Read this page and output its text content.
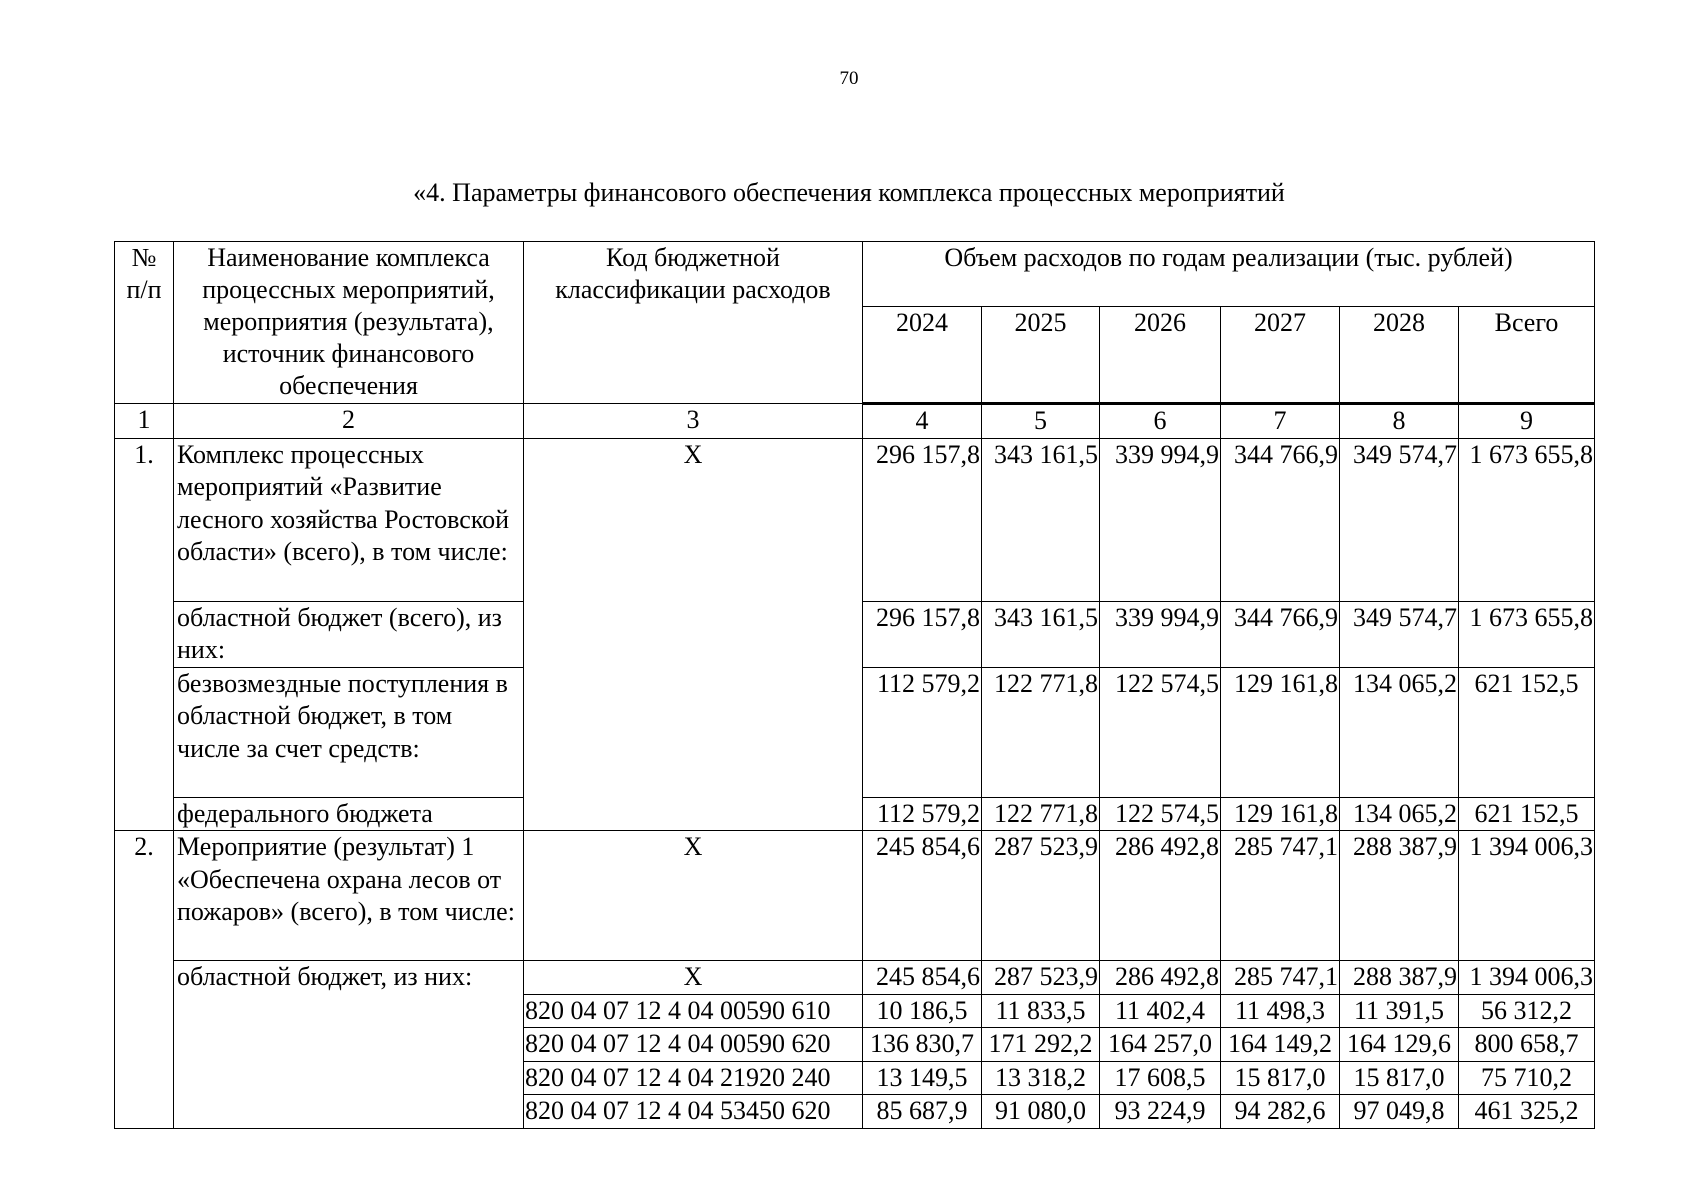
70
«4. Параметры финансового обеспечения комплекса процессных мероприятий
№ п/п	Наименование комплекса процессных мероприятий, мероприятия (результата), источник финансового обеспечения	Код бюджетной классификации расходов	Объем расходов по годам реализации (тыс. рублей)					
			2024	2025	2026	2027	2028	Всего
1	2	3	4	5	6	7	8	9
1.	Комплекс процессных мероприятий «Развитие лесного хозяйства Ростовской области» (всего), в том числе:	Х	296 157,8	343 161,5	339 994,9	344 766,9	349 574,7	1 673 655,8
	областной бюджет (всего), из них:		296 157,8	343 161,5	339 994,9	344 766,9	349 574,7	1 673 655,8
	безвозмездные поступления в областной бюджет, в том числе за счет средств:		112 579,2	122 771,8	122 574,5	129 161,8	134 065,2	621 152,5
	федерального бюджета		112 579,2	122 771,8	122 574,5	129 161,8	134 065,2	621 152,5
2.	Мероприятие (результат) 1 «Обеспечена охрана лесов от пожаров» (всего), в том числе:	Х	245 854,6	287 523,9	286 492,8	285 747,1	288 387,9	1 394 006,3
	областной бюджет, из них:	Х	245 854,6	287 523,9	286 492,8	285 747,1	288 387,9	1 394 006,3
		820 04 07 12 4 04 00590 610	10 186,5	11 833,5	11 402,4	11 498,3	11 391,5	56 312,2
		820 04 07 12 4 04 00590 620	136 830,7	171 292,2	164 257,0	164 149,2	164 129,6	800 658,7
		820 04 07 12 4 04 21920 240	13 149,5	13 318,2	17 608,5	15 817,0	15 817,0	75 710,2
		820 04 07 12 4 04 53450 620	85 687,9	91 080,0	93 224,9	94 282,6	97 049,8	461 325,2
